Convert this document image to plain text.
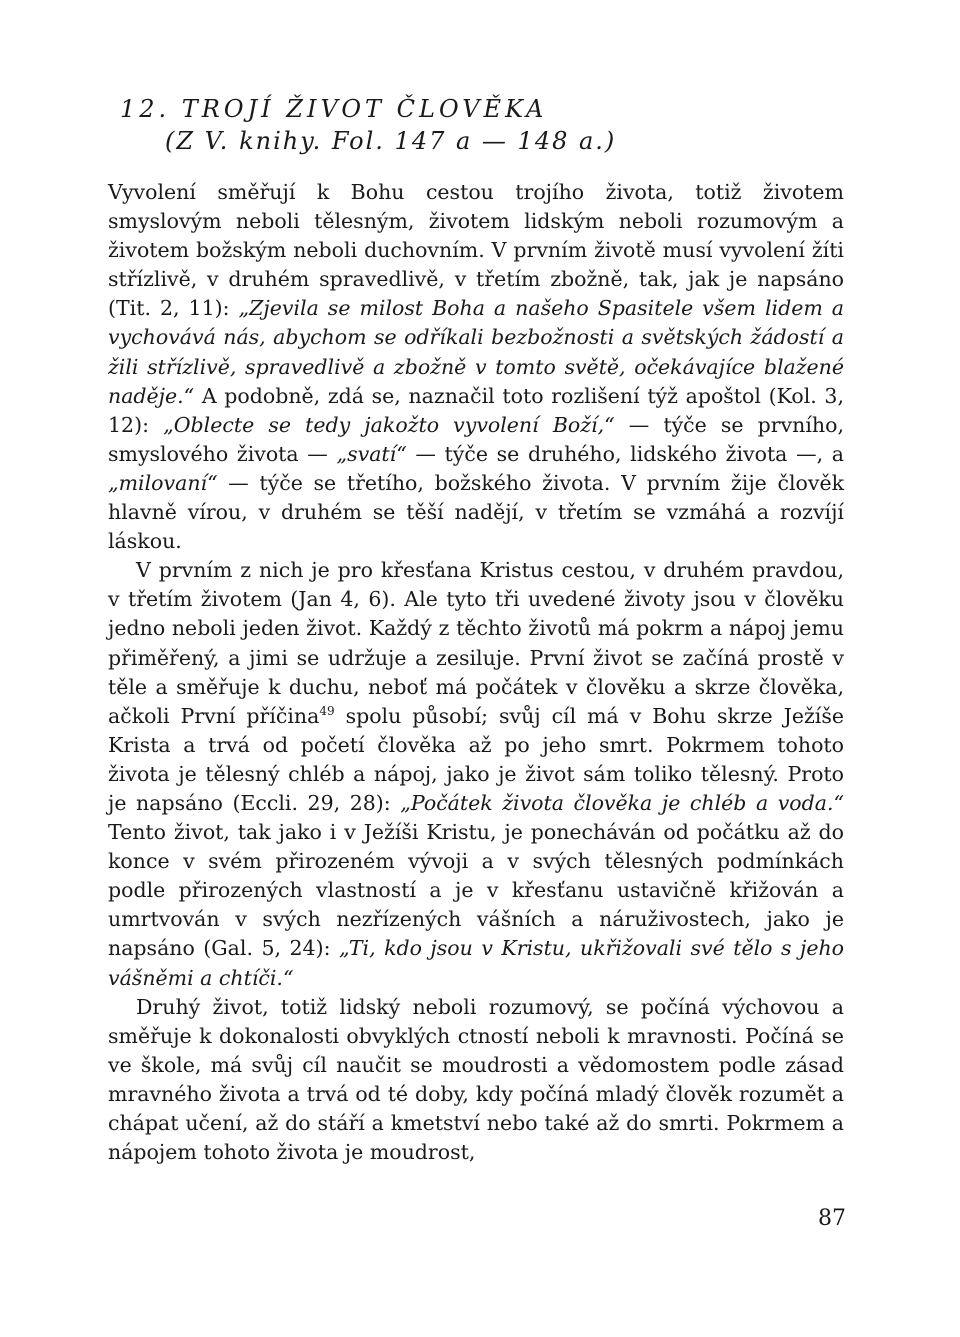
12. TROJÍ ŽIVOT ČLOVĚKA
(Z V. knihy. Fol. 147 a — 148 a.)

Vyvolení směřují k Bohu cestou trojího života, totiž životem smyslovým neboli tělesným, životem lidským neboli rozumovým a životem božským neboli duchovním. V prvním životě musí vyvolení žíti střízlivě, v druhém spravedlivě, v třetím zbožně, tak, jak je napsáno (Tit. 2, 11): „Zjevila se milost Boha a našeho Spasitele všem lidem a vychovává nás, abychom se odříkali bezbožnosti a světských žádostí a žili střízlivě, spravedlivě a zbožně v tomto světě, očekávajíce blažené naděje.“ A podobně, zdá se, naznačil toto rozlišení týž apoštol (Kol. 3, 12): „Oblecte se tedy jakožto vyvolení Boží,“ — týče se prvního, smyslového života — „svatí“ — týče se druhého, lidského života —, a „milovaní“ — týče se třetího, božského života. V prvním žije člověk hlavně vírou, v druhém se těší nadějí, v třetím se vzmáhá a rozvíjí láskou.

V prvním z nich je pro křesťana Kristus cestou, v druhém pravdou, v třetím životem (Jan 4, 6). Ale tyto tři uvedené životy jsou v člověku jedno neboli jeden život. Každý z těchto životů má pokrm a nápoj jemu přiměřený, a jimi se udržuje a zesiluje. První život se začíná prostě v těle a směřuje k duchu, neboť má počátek v člověku a skrze člověka, ačkoli První příčina$^{49}$ spolu působí; svůj cíl má v Bohu skrze Ježíše Krista a trvá od početí člověka až po jeho smrt. Pokrmem tohoto života je tělesný chléb a nápoj, jako je život sám toliko tělesný. Proto je napsáno (Eccli. 29, 28): „Počátek života člověka je chléb a voda.“ Tento život, tak jako i v Ježíši Kristu, je ponecháván od počátku až do konce v svém přirozeném vývoji a v svých tělesných podmínkách podle přirozených vlastností a je v křesťanu ustavičně křižován a umrtvován v svých nezřízených vášních a náruživostech, jako je napsáno (Gal. 5, 24): „Ti, kdo jsou v Kristu, ukřižovali své tělo s jeho vášněmi a chtíči.“

Druhý život, totiž lidský neboli rozumový, se počíná výchovou a směřuje k dokonalosti obvyklých ctností neboli k mravnosti. Počíná se ve škole, má svůj cíl naučit se moudrosti a vědomostem podle zásad mravného života a trvá od té doby, kdy počíná mladý člověk rozumět a chápat učení, až do stáří a kmetství nebo také až do smrti. Pokrmem a nápojem tohoto života je moudrost,

87
